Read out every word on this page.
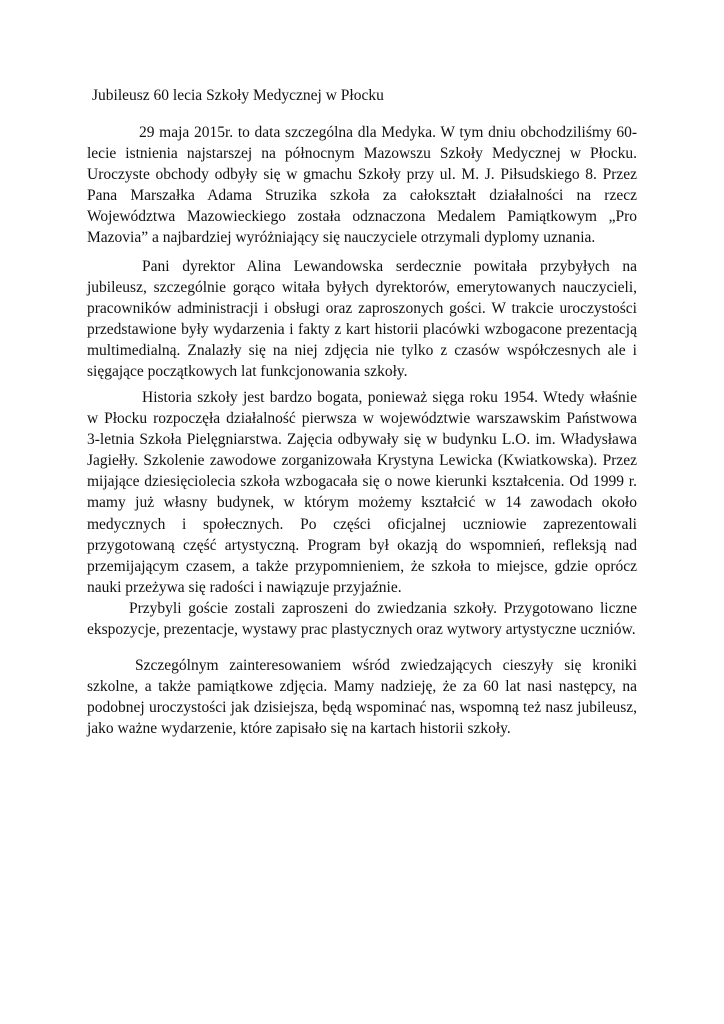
Jubileusz 60 lecia Szkoły Medycznej w Płocku

29 maja 2015r. to data szczególna dla Medyka. W tym dniu obchodziliśmy 60-lecie istnienia najstarszej na północnym Mazowszu Szkoły Medycznej w Płocku. Uroczyste obchody odbyły się w gmachu Szkoły przy ul. M. J. Piłsudskiego 8. Przez Pana Marszałka Adama Struzika szkoła za całokształt działalności na rzecz Województwa Mazowieckiego została odznaczona Medalem Pamiątkowym „Pro Mazovia” a najbardziej wyróżniający się nauczyciele otrzymali dyplomy uznania.

Pani dyrektor Alina Lewandowska serdecznie powitała przybyłych na jubileusz, szczególnie gorąco witała byłych dyrektorów, emerytowanych nauczycieli, pracowników administracji i obsługi oraz zaproszonych gości. W trakcie uroczystości przedstawione były wydarzenia i fakty z kart historii placówki wzbogacone prezentacją multimedialną. Znalazły się na niej zdjęcia nie tylko z czasów współczesnych ale i sięgające początkowych lat funkcjonowania szkoły.

Historia szkoły jest bardzo bogata, ponieważ sięga roku 1954. Wtedy właśnie w Płocku rozpoczęła działalność pierwsza w województwie warszawskim Państwowa 3-letnia Szkoła Pielęgniarstwa. Zajęcia odbywały się w budynku L.O. im. Władysława Jagiełły. Szkolenie zawodowe zorganizowała Krystyna Lewicka (Kwiatkowska). Przez mijające dziesięciolecia szkoła wzbogacała się o nowe kierunki kształcenia. Od 1999 r. mamy już własny budynek, w którym możemy kształcić w 14 zawodach około medycznych i społecznych. Po części oficjalnej uczniowie zaprezentowali przygotowaną część artystyczną. Program był okazją do wspomnień, refleksją nad przemijającym czasem, a także przypomnieniem, że szkoła to miejsce, gdzie oprócz nauki przeżywa się radości i nawiązuje przyjaźnie.

Przybyli goście zostali zaproszeni do zwiedzania szkoły. Przygotowano liczne ekspozycje, prezentacje, wystawy prac plastycznych oraz wytwory artystyczne uczniów.

Szczególnym zainteresowaniem wśród zwiedzających cieszyły się kroniki szkolne, a także pamiątkowe zdjęcia. Mamy nadzieję, że za 60 lat nasi następcy, na podobnej uroczystości jak dzisiejsza, będą wspominać nas, wspomną też nasz jubileusz, jako ważne wydarzenie, które zapisało się na kartach historii szkoły.
